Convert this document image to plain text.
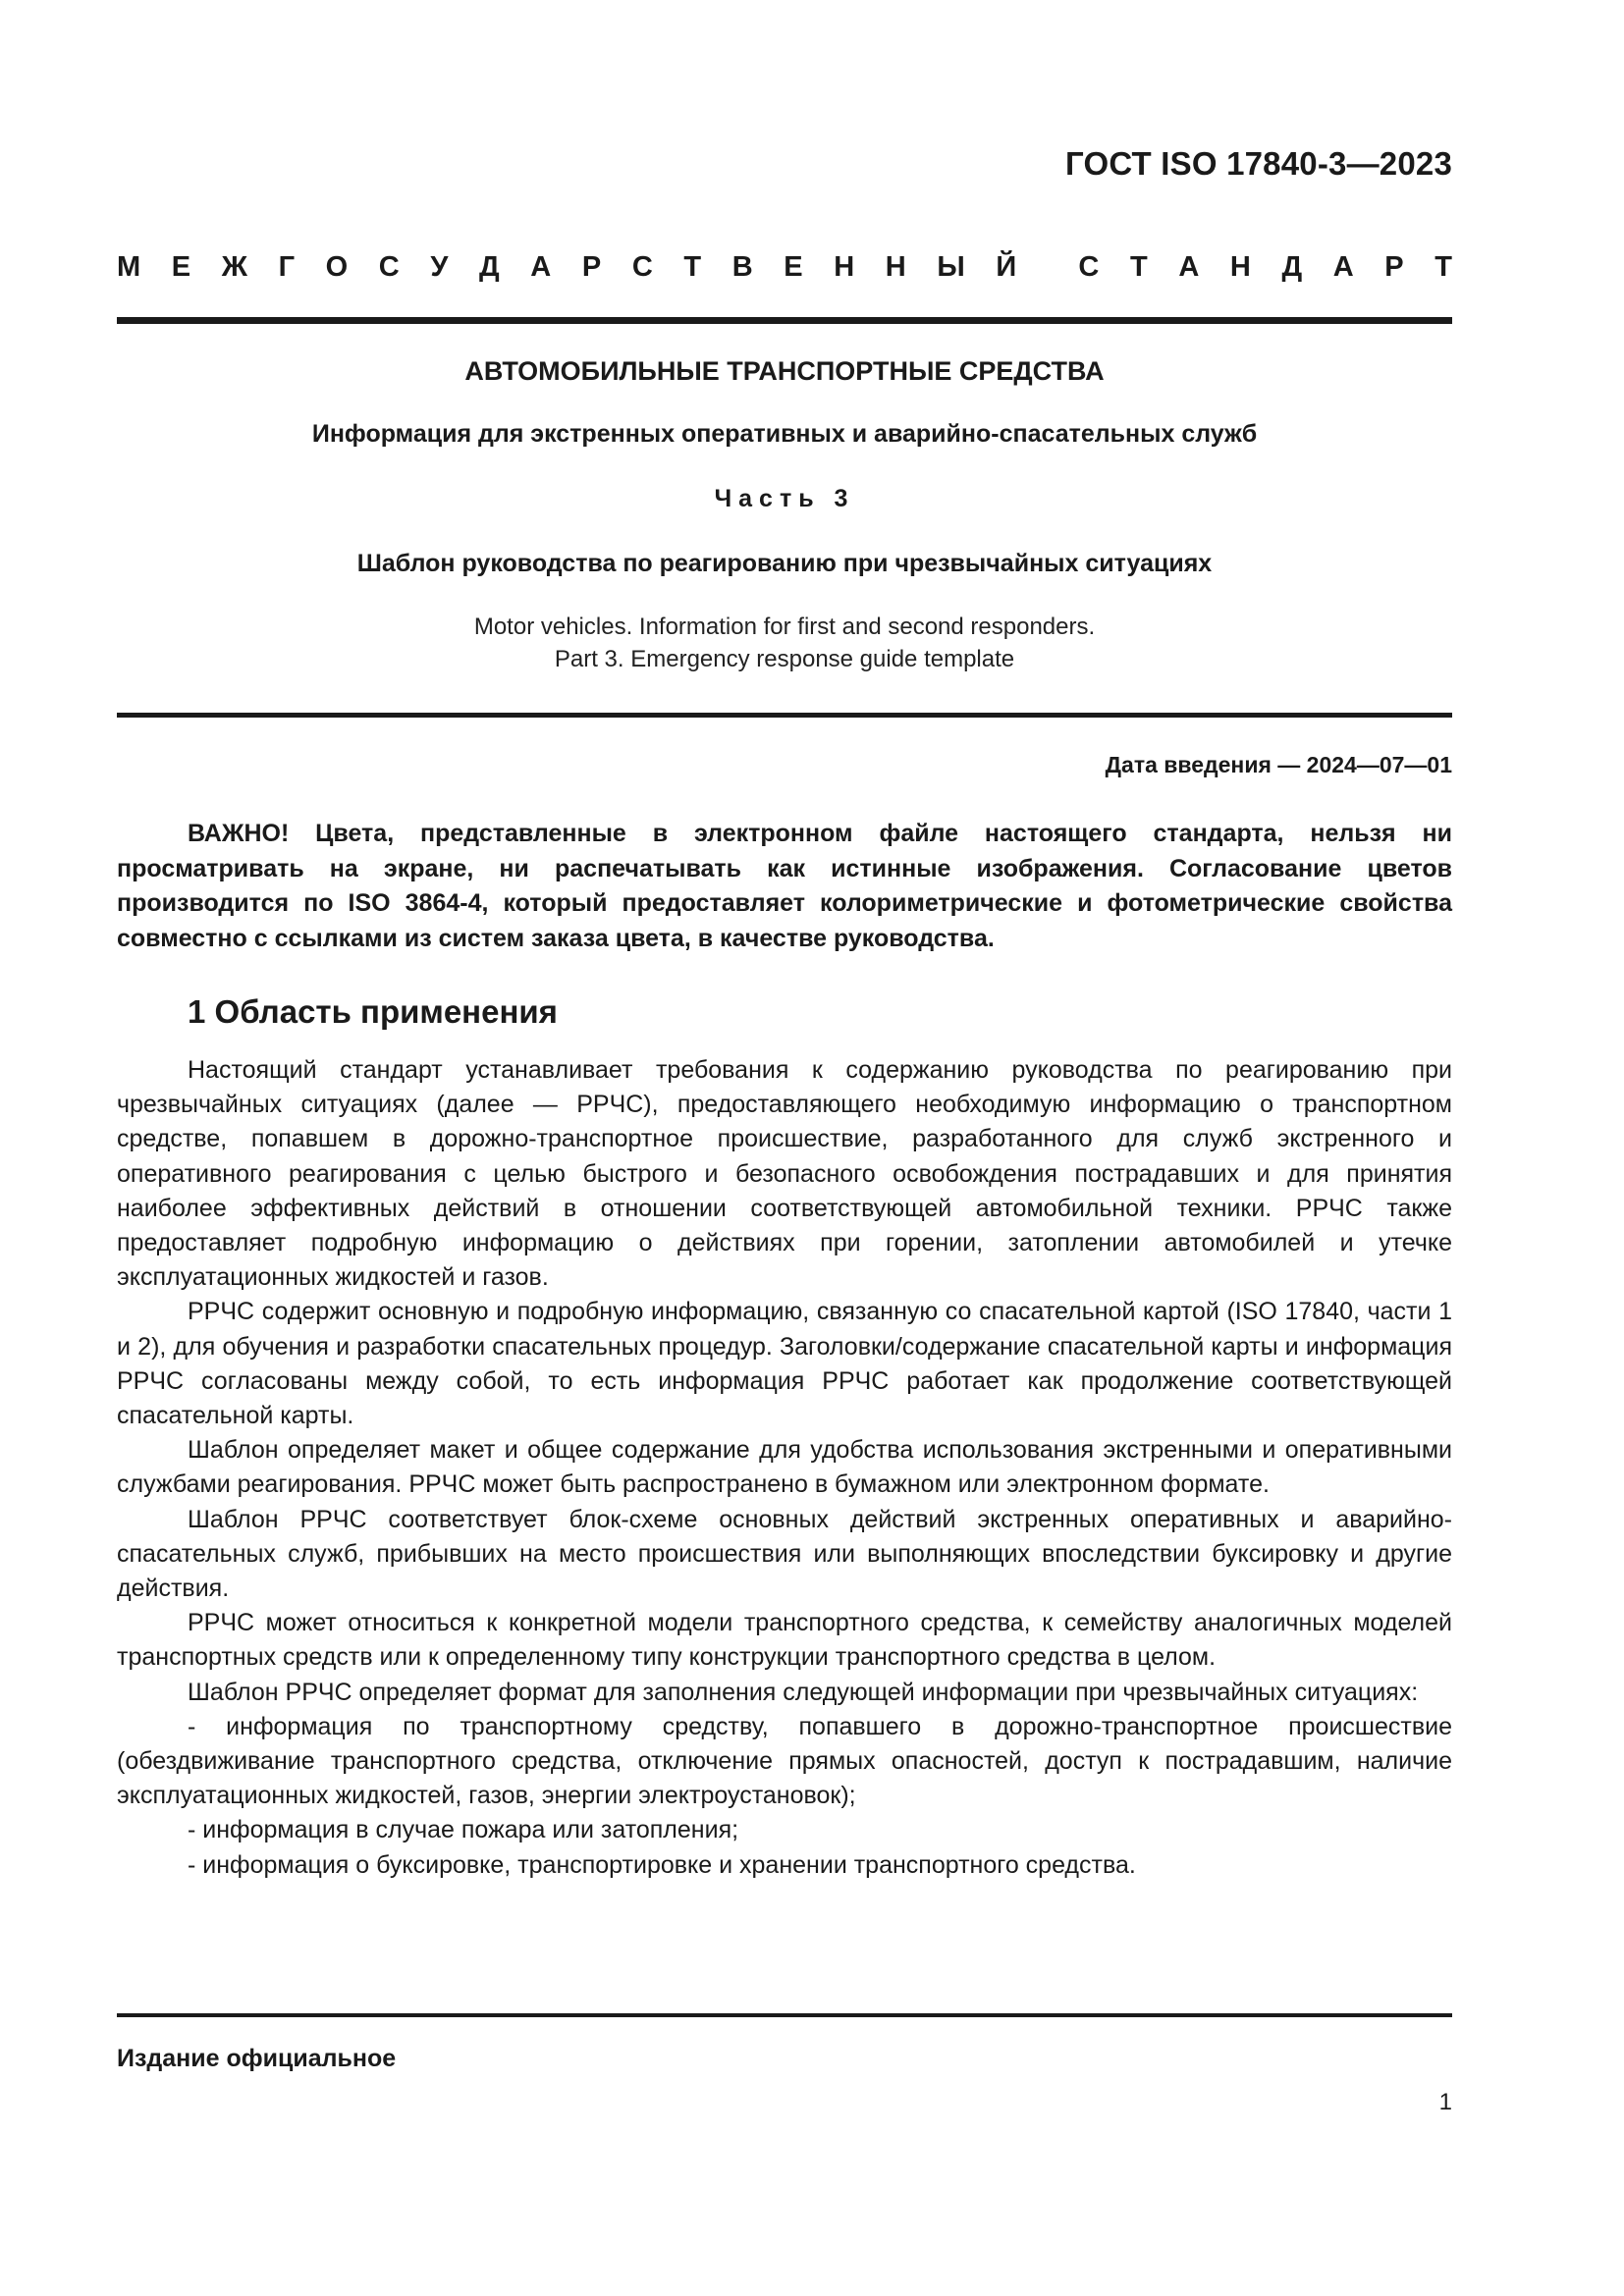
ГОСТ ISO 17840-3—2023
М Е Ж Г О С У Д А Р С Т В Е Н Н Ы Й С Т А Н Д А Р Т
АВТОМОБИЛЬНЫЕ ТРАНСПОРТНЫЕ СРЕДСТВА
Информация для экстренных оперативных и аварийно-спасательных служб
Часть 3
Шаблон руководства по реагированию при чрезвычайных ситуациях
Motor vehicles. Information for first and second responders.
Part 3. Emergency response guide template
Дата введения — 2024—07—01
ВАЖНО! Цвета, представленные в электронном файле настоящего стандарта, нельзя ни просматривать на экране, ни распечатывать как истинные изображения. Согласование цветов производится по ISO 3864-4, который предоставляет колориметрические и фотометрические свойства совместно с ссылками из систем заказа цвета, в качестве руководства.
1 Область применения

Настоящий стандарт устанавливает требования к содержанию руководства по реагированию при чрезвычайных ситуациях (далее — РРЧС), предоставляющего необходимую информацию о транспортном средстве, попавшем в дорожно-транспортное происшествие, разработанного для служб экстренного и оперативного реагирования с целью быстрого и безопасного освобождения пострадавших и для принятия наиболее эффективных действий в отношении соответствующей автомобильной техники. РРЧС также предоставляет подробную информацию о действиях при горении, затоплении автомобилей и утечке эксплуатационных жидкостей и газов.

РРЧС содержит основную и подробную информацию, связанную со спасательной картой (ISO 17840, части 1 и 2), для обучения и разработки спасательных процедур. Заголовки/содержание спасательной карты и информация РРЧС согласованы между собой, то есть информация РРЧС работает как продолжение соответствующей спасательной карты.

Шаблон определяет макет и общее содержание для удобства использования экстренными и оперативными службами реагирования. РРЧС может быть распространено в бумажном или электронном формате.

Шаблон РРЧС соответствует блок-схеме основных действий экстренных оперативных и аварийно-спасательных служб, прибывших на место происшествия или выполняющих впоследствии буксировку и другие действия.

РРЧС может относиться к конкретной модели транспортного средства, к семейству аналогичных моделей транспортных средств или к определенному типу конструкции транспортного средства в целом.

Шаблон РРЧС определяет формат для заполнения следующей информации при чрезвычайных ситуациях:

- информация по транспортному средству, попавшего в дорожно-транспортное происшествие (обездвиживание транспортного средства, отключение прямых опасностей, доступ к пострадавшим, наличие эксплуатационных жидкостей, газов, энергии электроустановок);

- информация в случае пожара или затопления;

- информация о буксировке, транспортировке и хранении транспортного средства.

Издание официальное
1
